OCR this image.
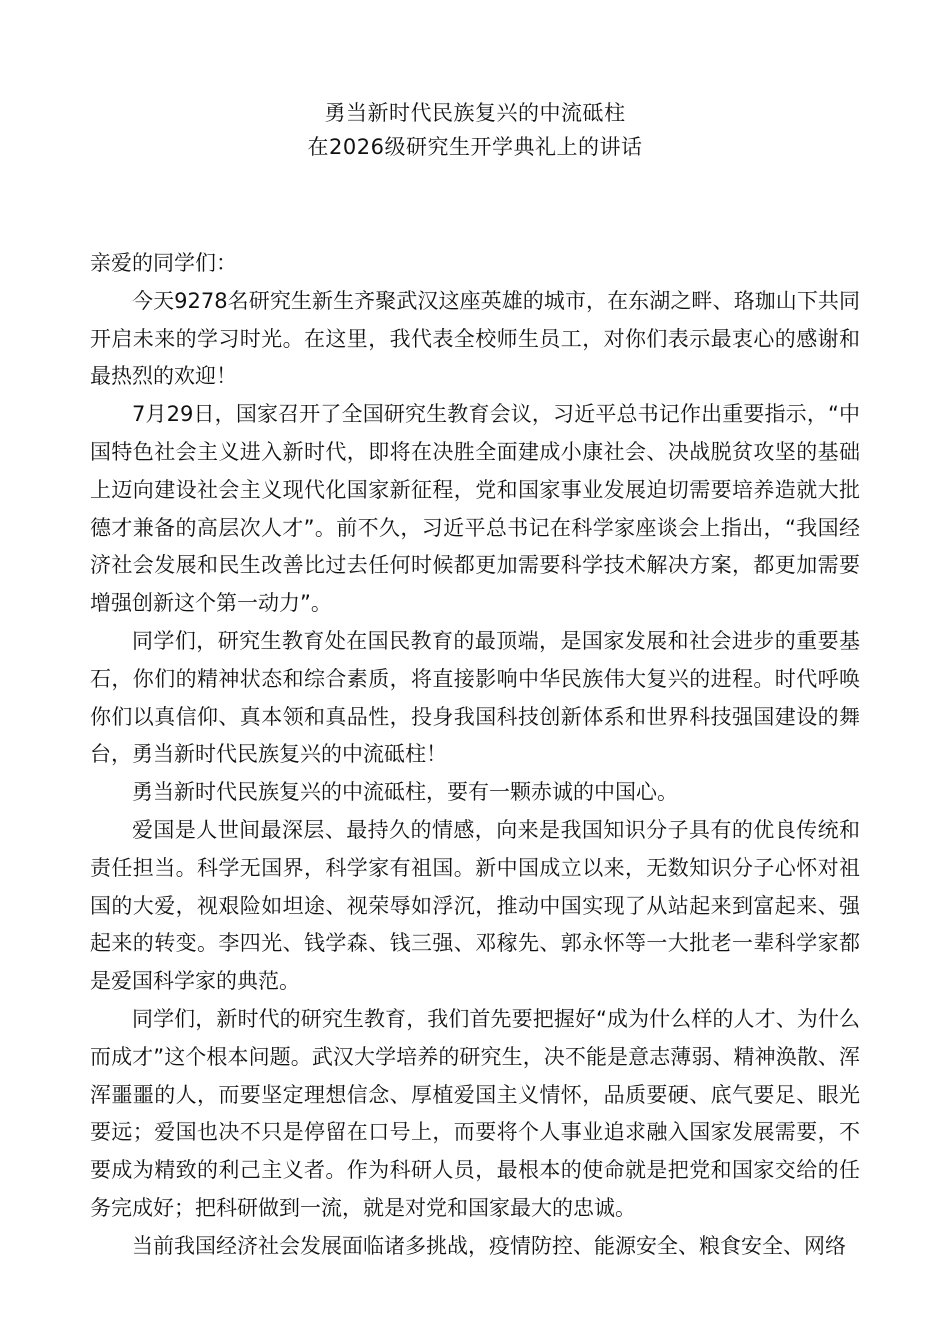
勇当新时代民族复兴的中流砥柱
在2026级研究生开学典礼上的讲话

亲爱的同学们：

今天9278名研究生新生齐聚武汉这座英雄的城市，在东湖之畔、珞珈山下共同开启未来的学习时光。在这里，我代表全校师生员工，对你们表示最衷心的感谢和最热烈的欢迎！

7月29日，国家召开了全国研究生教育会议，习近平总书记作出重要指示，“中国特色社会主义进入新时代，即将在决胜全面建成小康社会、决战脱贫攻坚的基础上迈向建设社会主义现代化国家新征程，党和国家事业发展迫切需要培养造就大批德才兼备的高层次人才”。前不久，习近平总书记在科学家座谈会上指出，“我国经济社会发展和民生改善比过去任何时候都更加需要科学技术解决方案，都更加需要增强创新这个第一动力”。

同学们，研究生教育处在国民教育的最顶端，是国家发展和社会进步的重要基石，你们的精神状态和综合素质，将直接影响中华民族伟大复兴的进程。时代呼唤你们以真信仰、真本领和真品性，投身我国科技创新体系和世界科技强国建设的舞台，勇当新时代民族复兴的中流砥柱！

勇当新时代民族复兴的中流砥柱，要有一颗赤诚的中国心。

爱国是人世间最深层、最持久的情感，向来是我国知识分子具有的优良传统和责任担当。科学无国界，科学家有祖国。新中国成立以来，无数知识分子心怀对祖国的大爱，视艰险如坦途、视荣辱如浮沉，推动中国实现了从站起来到富起来、强起来的转变。李四光、钱学森、钱三强、邓稼先、郭永怀等一大批老一辈科学家都是爱国科学家的典范。

同学们，新时代的研究生教育，我们首先要把握好“成为什么样的人才、为什么而成才”这个根本问题。武汉大学培养的研究生，决不能是意志薄弱、精神涣散、浑浑噩噩的人，而要坚定理想信念、厚植爱国主义情怀，品质要硬、底气要足、眼光要远；爱国也决不只是停留在口号上，而要将个人事业追求融入国家发展需要，不要成为精致的利己主义者。作为科研人员，最根本的使命就是把党和国家交给的任务完成好；把科研做到一流，就是对党和国家最大的忠诚。

当前我国经济社会发展面临诸多挑战，疫情防控、能源安全、粮食安全、网络
